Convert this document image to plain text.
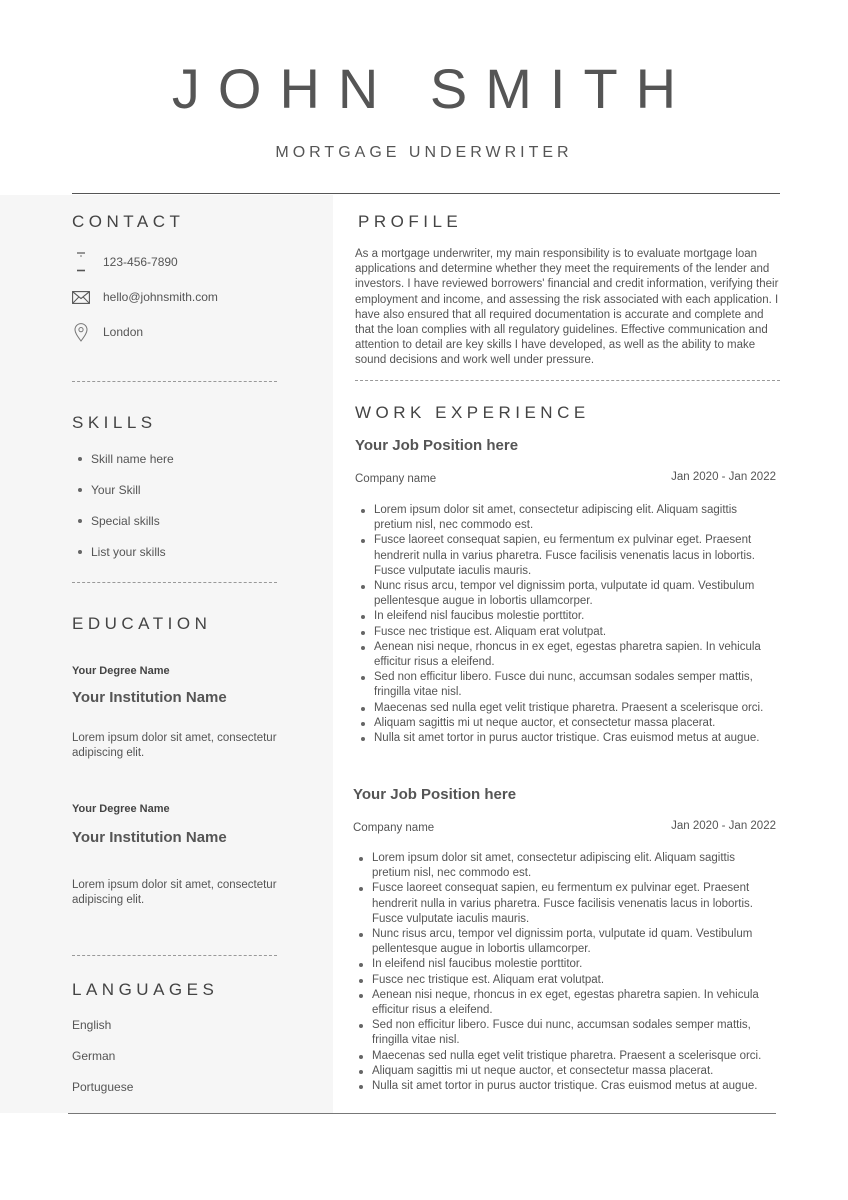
JOHN SMITH
MORTGAGE UNDERWRITER
CONTACT
123-456-7890
hello@johnsmith.com
London
SKILLS
Skill name here
Your Skill
Special skills
List your skills
EDUCATION
Your Degree Name
Your Institution Name
Lorem ipsum dolor sit amet, consectetur adipiscing elit.
Your Degree Name
Your Institution Name
Lorem ipsum dolor sit amet, consectetur adipiscing elit.
LANGUAGES
English
German
Portuguese
PROFILE
As a mortgage underwriter, my main responsibility is to evaluate mortgage loan applications and determine whether they meet the requirements of the lender and investors. I have reviewed borrowers' financial and credit information, verifying their employment and income, and assessing the risk associated with each application. I have also ensured that all required documentation is accurate and complete and that the loan complies with all regulatory guidelines. Effective communication and attention to detail are key skills I have developed, as well as the ability to make sound decisions and work well under pressure.
WORK EXPERIENCE
Your Job Position here
Company name	Jan 2020 - Jan 2022
Lorem ipsum dolor sit amet, consectetur adipiscing elit. Aliquam sagittis pretium nisl, nec commodo est.
Fusce laoreet consequat sapien, eu fermentum ex pulvinar eget. Praesent hendrerit nulla in varius pharetra. Fusce facilisis venenatis lacus in lobortis. Fusce vulputate iaculis mauris.
Nunc risus arcu, tempor vel dignissim porta, vulputate id quam. Vestibulum pellentesque augue in lobortis ullamcorper.
In eleifend nisl faucibus molestie porttitor.
Fusce nec tristique est. Aliquam erat volutpat.
Aenean nisi neque, rhoncus in ex eget, egestas pharetra sapien. In vehicula efficitur risus a eleifend.
Sed non efficitur libero. Fusce dui nunc, accumsan sodales semper mattis, fringilla vitae nisl.
Maecenas sed nulla eget velit tristique pharetra. Praesent a scelerisque orci.
Aliquam sagittis mi ut neque auctor, et consectetur massa placerat.
Nulla sit amet tortor in purus auctor tristique. Cras euismod metus at augue.
Your Job Position here
Company name	Jan 2020 - Jan 2022
Lorem ipsum dolor sit amet, consectetur adipiscing elit. Aliquam sagittis pretium nisl, nec commodo est.
Fusce laoreet consequat sapien, eu fermentum ex pulvinar eget. Praesent hendrerit nulla in varius pharetra. Fusce facilisis venenatis lacus in lobortis. Fusce vulputate iaculis mauris.
Nunc risus arcu, tempor vel dignissim porta, vulputate id quam. Vestibulum pellentesque augue in lobortis ullamcorper.
In eleifend nisl faucibus molestie porttitor.
Fusce nec tristique est. Aliquam erat volutpat.
Aenean nisi neque, rhoncus in ex eget, egestas pharetra sapien. In vehicula efficitur risus a eleifend.
Sed non efficitur libero. Fusce dui nunc, accumsan sodales semper mattis, fringilla vitae nisl.
Maecenas sed nulla eget velit tristique pharetra. Praesent a scelerisque orci.
Aliquam sagittis mi ut neque auctor, et consectetur massa placerat.
Nulla sit amet tortor in purus auctor tristique. Cras euismod metus at augue.
